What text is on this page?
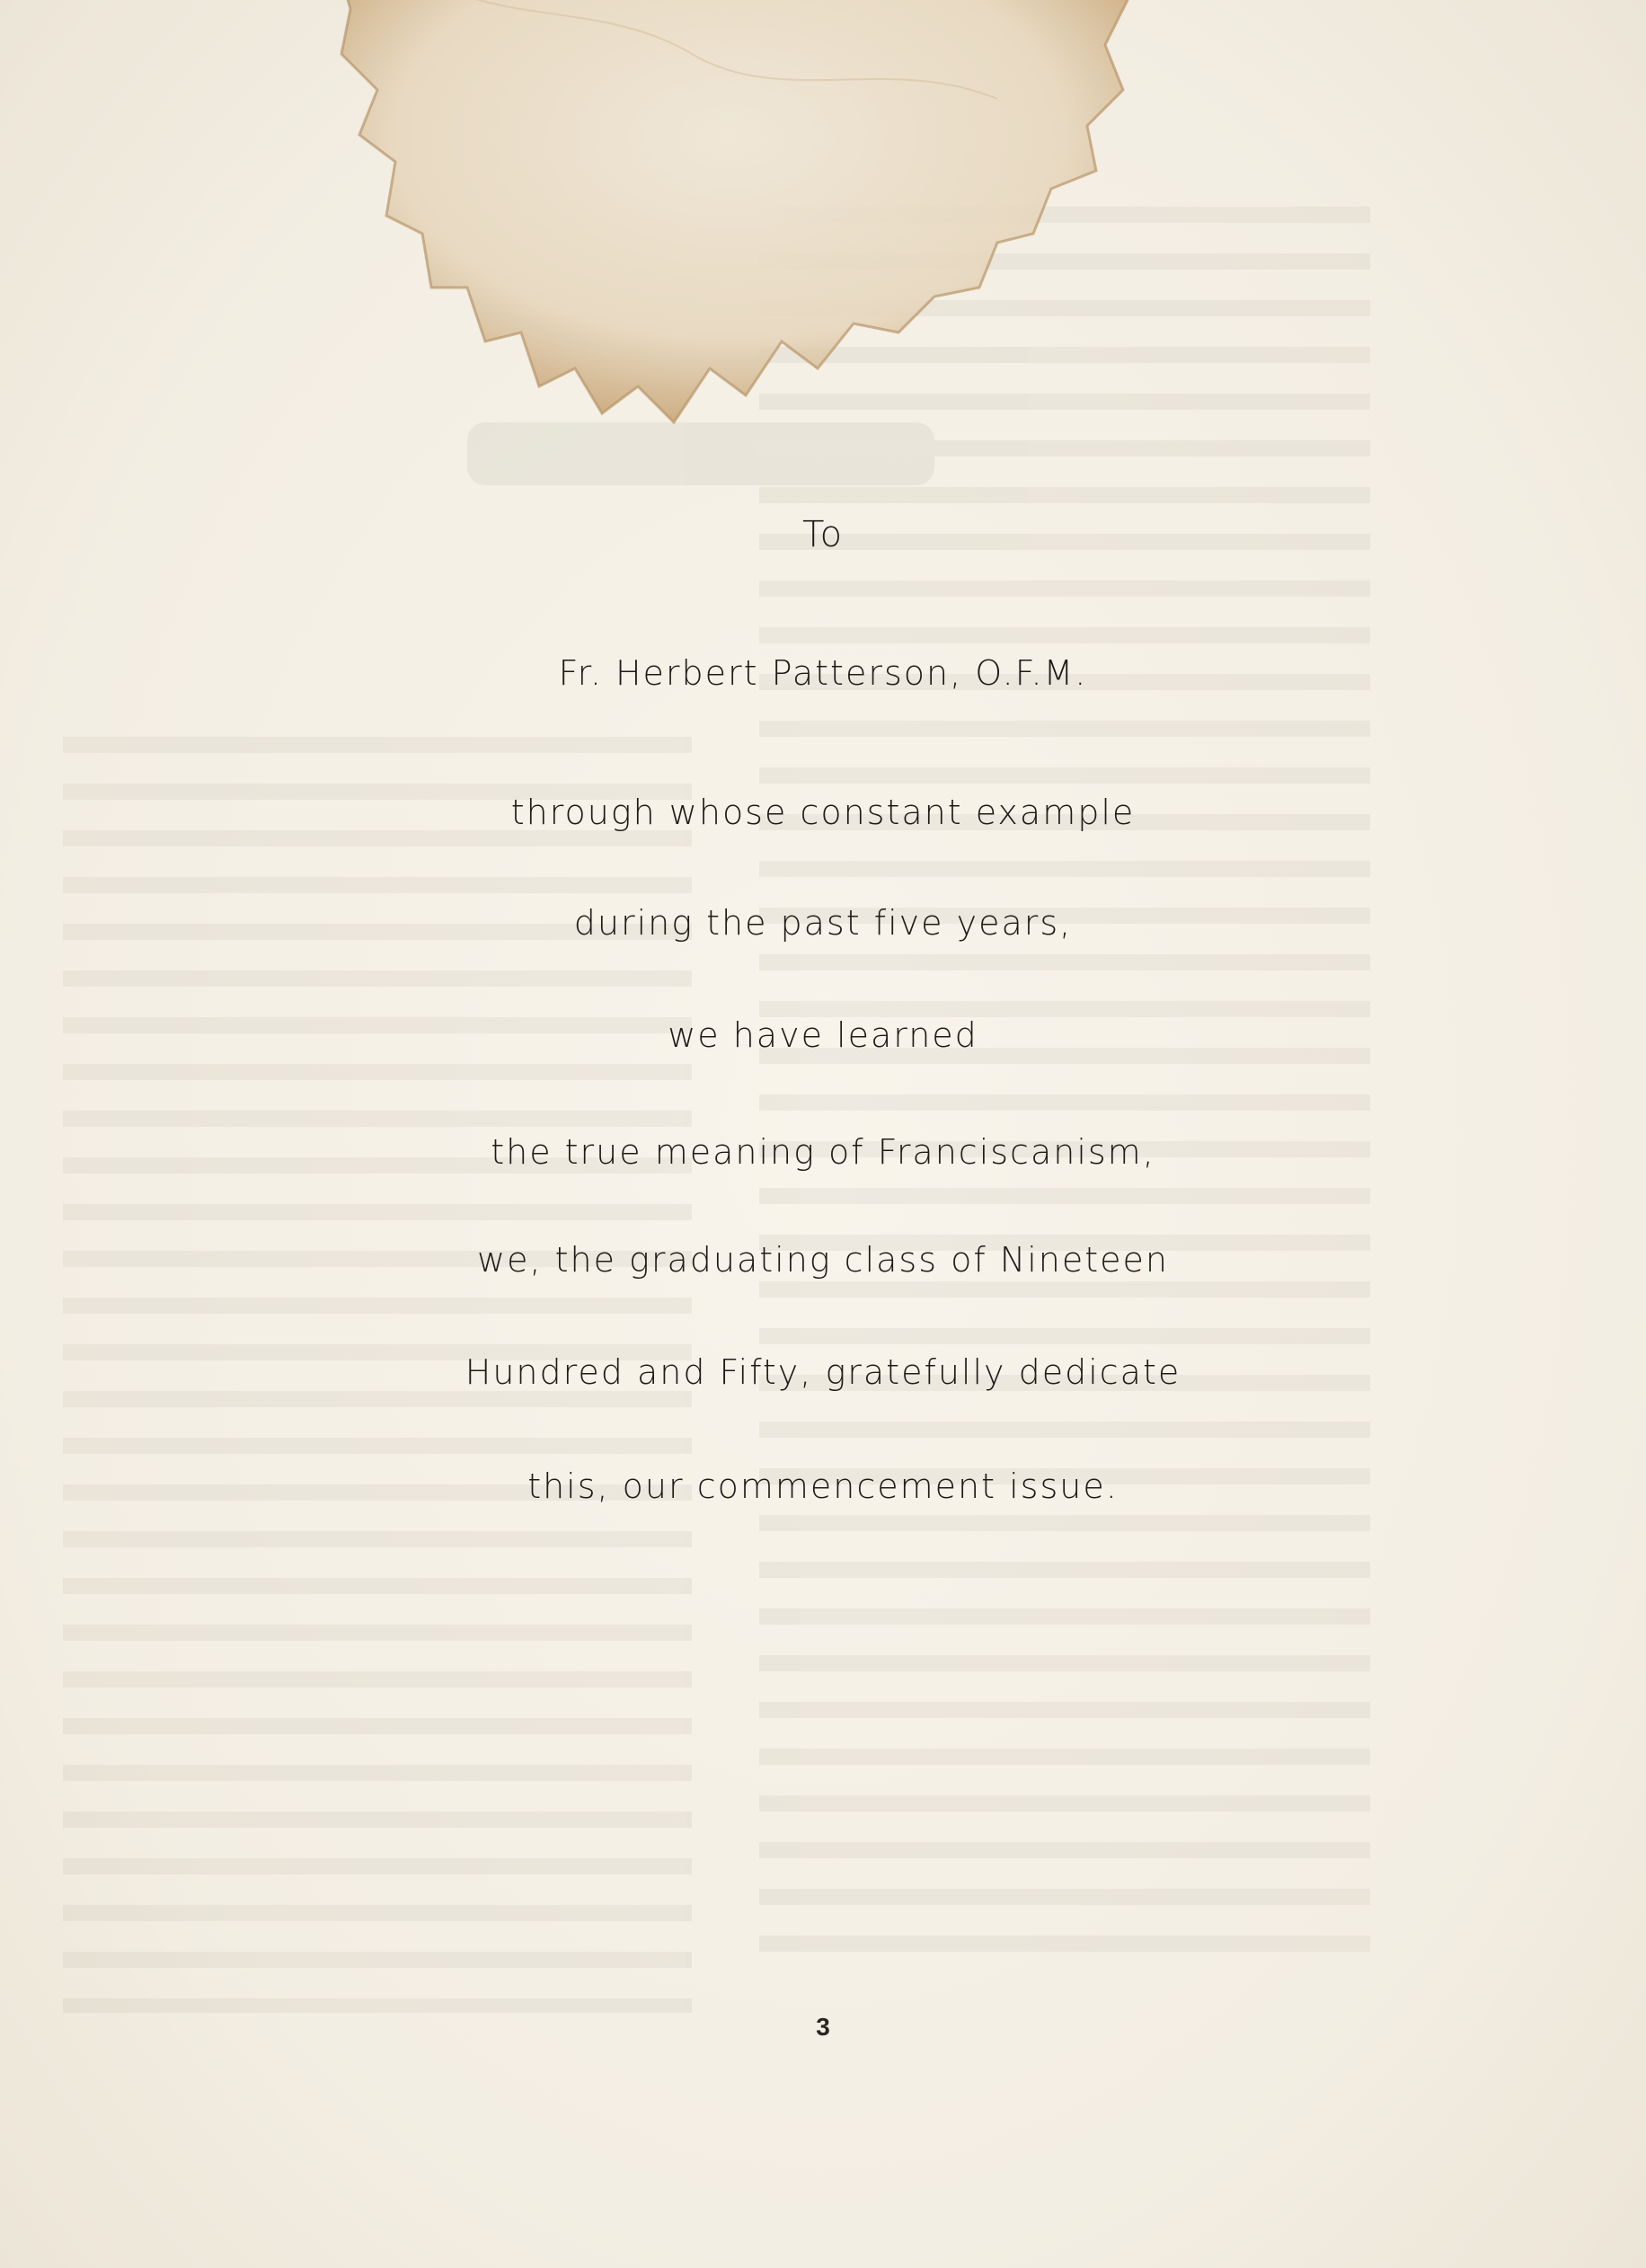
To
Fr. Herbert Patterson, O.F.M.
through whose constant example
during the past five years,
we have learned
the true meaning of Franciscanism,
we, the graduating class of Nineteen
Hundred and Fifty, gratefully dedicate
this, our commencement issue.
3
